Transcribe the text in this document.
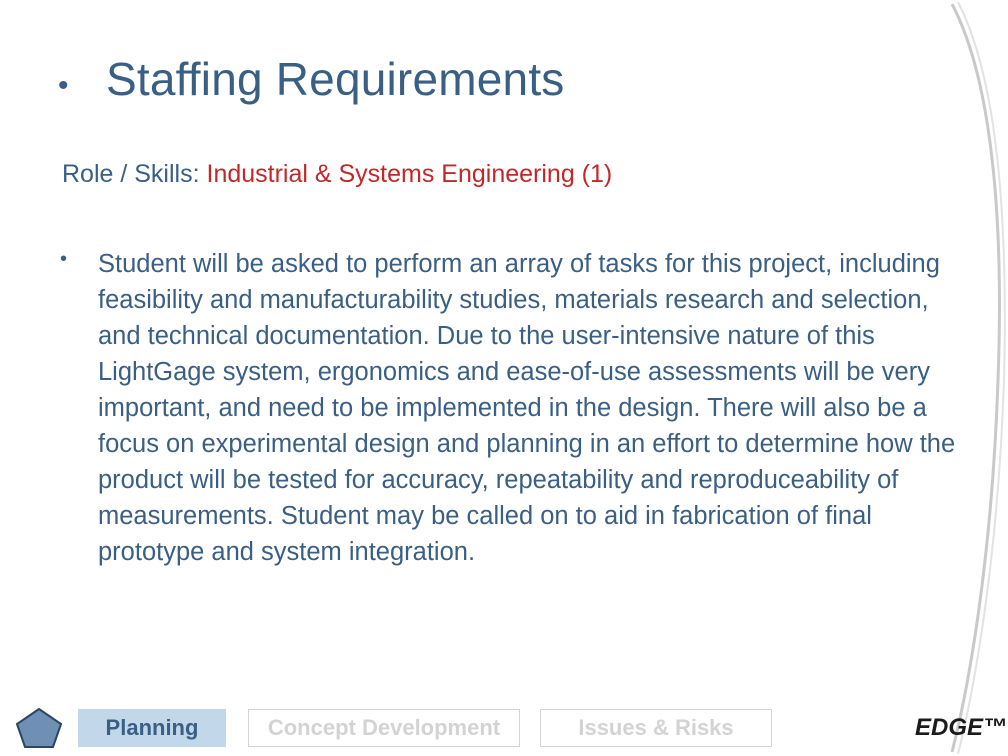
• Staffing Requirements
Role / Skills: Industrial & Systems Engineering (1)
• Student will be asked to perform an array of tasks for this project, including feasibility and manufacturability studies, materials research and selection, and technical documentation. Due to the user-intensive nature of this LightGage system, ergonomics and ease-of-use assessments will be very important, and need to be implemented in the design. There will also be a focus on experimental design and planning in an effort to determine how the product will be tested for accuracy, repeatability and reproduceability of measurements. Student may be called on to aid in fabrication of final prototype and system integration.
Planning	Concept Development	Issues & Risks	EDGE™
